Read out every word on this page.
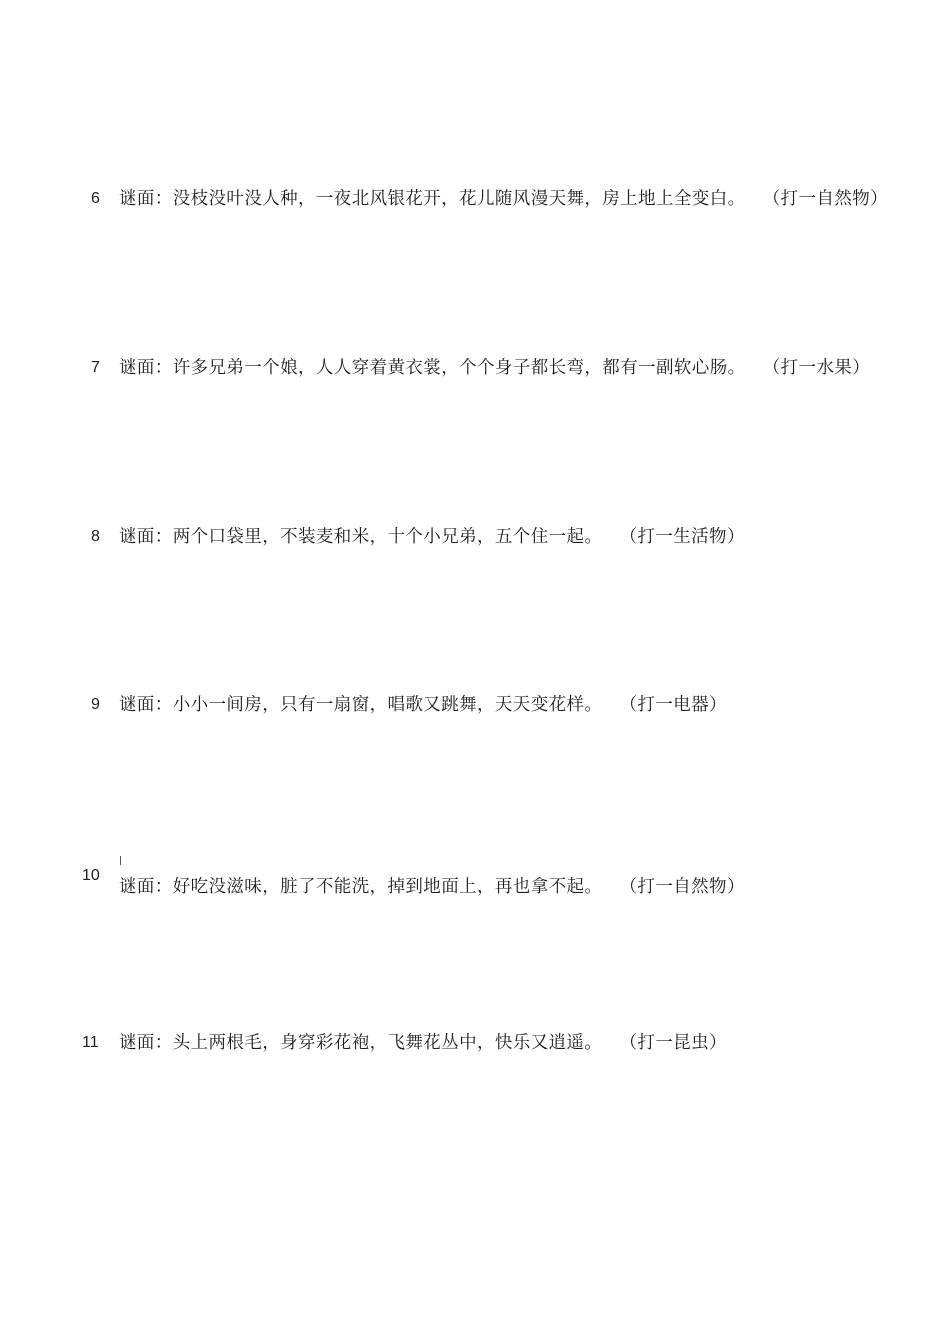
6 谜面：没枝没叶没人种，一夜北风银花开，花儿随风漫天舞，房上地上全变白。 （打一自然物）
7 谜面：许多兄弟一个娘，人人穿着黄衣裳，个个身子都长弯，都有一副软心肠。 （打一水果）
8 谜面：两个口袋里，不装麦和米，十个小兄弟，五个住一起。 （打一生活物）
9 谜面：小小一间房，只有一扇窗，唱歌又跳舞，天天变花样。 （打一电器）
10
谜面：好吃没滋味，脏了不能洗，掉到地面上，再也拿不起。 （打一自然物）
11 谜面：头上两根毛，身穿彩花袍，飞舞花丛中，快乐又逍遥。 （打一昆虫）
